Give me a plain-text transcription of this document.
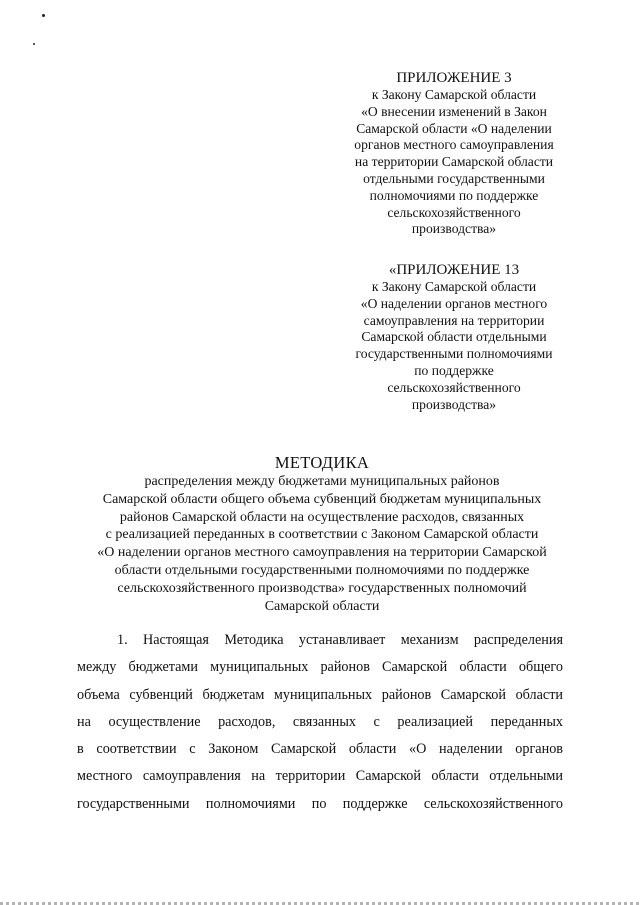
ПРИЛОЖЕНИЕ 3
к Закону Самарской области
«О внесении изменений в Закон
Самарской области «О наделении
органов местного самоуправления
на территории Самарской области
отдельными государственными
полномочиями по поддержке
сельскохозяйственного
производства»
«ПРИЛОЖЕНИЕ 13
к Закону Самарской области
«О наделении органов местного
самоуправления на территории
Самарской области отдельными
государственными полномочиями
по поддержке
сельскохозяйственного
производства»
МЕТОДИКА
распределения между бюджетами муниципальных районов
Самарской области общего объема субвенций бюджетам муниципальных
районов Самарской области на осуществление расходов, связанных
с реализацией переданных в соответствии с Законом Самарской области
«О наделении органов местного самоуправления на территории Самарской
области отдельными государственными полномочиями по поддержке
сельскохозяйственного производства» государственных полномочий
Самарской области
1. Настоящая Методика устанавливает механизм распределения
между бюджетами муниципальных районов Самарской области общего
объема субвенций бюджетам муниципальных районов Самарской области
на осуществление расходов, связанных с реализацией переданных
в соответствии с Законом Самарской области «О наделении органов
местного самоуправления на территории Самарской области отдельными
государственными полномочиями по поддержке сельскохозяйственного
